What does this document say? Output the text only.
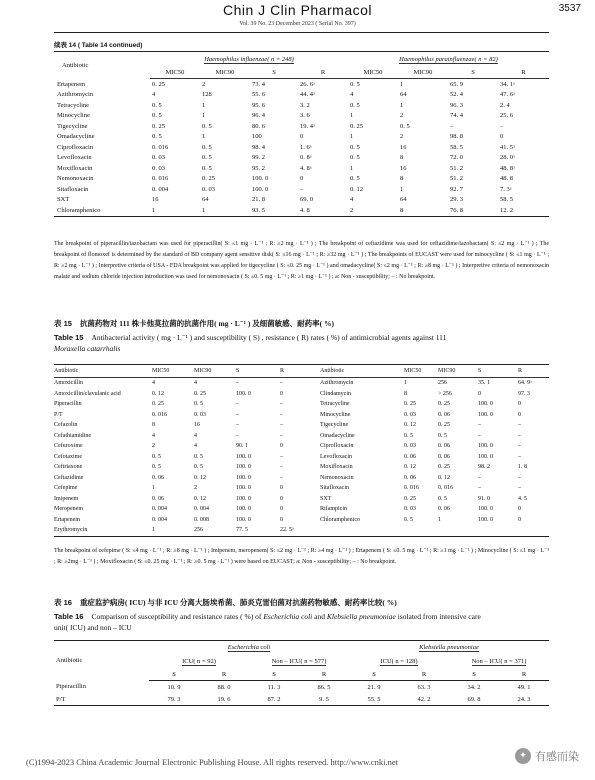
Chin J Clin Pharmacol	3537
Vol. 39 No. 23 December 2023 ( Serial No. 397)
续表 14 ( Table 14 continued)
Antibiotic	Haemophilus influenzae( n = 248)				Haemophilus parainfluenzae( n = 82)			
	MIC50	MIC90	S	R	MIC50	MIC90	S	R
Ertapenem	0. 25	2	73. 4	26. 6ᵃ	0. 5	1	65. 9	34. 1ᵃ
Azithromycin	4	128	55. 6	44. 4ᵃ	4	64	52. 4	47. 6ᵃ
Tetracycline	0. 5	1	95. 6	3. 2	0. 5	1	96. 3	2. 4
Minocycline	0. 5	1	96. 4	3. 6	1	2	74. 4	25. 6
Tigecycline	0. 25	0. 5	80. 6	19. 4ᵃ	0. 25	0. 5	–	–
Omadacycline	0. 5	1	100	0	1	2	98. 8	0
Ciprofloxacin	0. 016	0. 5	98. 4	1. 6ᵃ	0. 5	16	58. 5	41. 5ᵃ
Levofloxacin	0. 03	0. 5	99. 2	0. 8ᵃ	0. 5	8	72. 0	28. 0ᵃ
Moxifloxacin	0. 03	0. 5	95. 2	4. 8ᵃ	1	16	51. 2	48. 8ᵃ
Nemonoxacin	0. 016	0. 25	100. 0	0	0. 5	8	51. 2	48. 8
Sitafloxacin	0. 004	0. 03	100. 0	–	0. 12	1	92. 7	7. 3ᵃ
SXT	16	64	21. 8	69. 0	4	64	29. 3	58. 5
Chloramphenico	1	1	93. 5	4. 8	2	8	76. 8	12. 2
The breakpoint of piperacillin/tazobactam was used for piperacillin( S: ≤1 mg · L⁻¹ ; R: ≥2 mg · L⁻¹ ) ; The breakpoint of ceftazidime was used for ceftazidime/tazobactam( S: ≤2 mg · L⁻¹ ) ; The breakpoint of flomoxef is determined by the standard of BD company agent sensitive disk( S: ≤16 mg · L⁻¹ ; R: ≥32 mg · L⁻¹ ) ; The breakpoints of EUCAST were used for minocycline ( S: ≤1 mg · L⁻¹ ; R: ≥2 mg · L⁻¹ ) ; Interpretive criteria of USA - FDA breakpoint was applied for tigecycline ( S: ≤0. 25 mg · L⁻¹ ) and omadacycline( S: ≤2 mg · L⁻¹ ; R: ≥8 mg · L⁻¹ ) ; Interpretive criteria of nemonoxacin malate and sodium chloride injection introduction was used for nemonoxacin ( S: ≤0. 5 mg · L⁻¹ ; R: ≥1 mg · L⁻¹ ) ; a: Non - susceptibility; – : No breakpoint.
表 15 抗菌药物对 111 株卡他莫拉菌的抗菌作用( mg · L⁻¹ ) 及细菌敏感、耐药率( %)
Table 15 Antibacterial activity ( mg · L⁻¹ ) and susceptibility ( S) , resistance ( R) rates ( %) of antimicrobial agents against 111
Moraxella catarrhalis
Antibiotic	MIC50	MIC90	S	R	Antibiotic	MIC50	MIC90	S	R
Amoxicillin	4	4	–	–	Azithromycin	1	256	35. 1	64. 9ᵃ
Amoxicillin/clavulanic acid	0. 12	0. 25	100. 0	0	Clindamycin	8	> 256	0	97. 3
Piperacillin	0. 25	0. 5	–	–	Tetracycline	0. 25	0. 25	100. 0	0
P/T	0. 016	0. 03	–	–	Minocycline	0. 03	0. 06	100. 0	0
Cefazolin	8	16	–	–	Tigecycline	0. 12	0. 25	–	–
Cefathiamidine	4	4	–	–	Omadacycline	0. 5	0. 5	–	–
Cefuroxime	2	4	90. 1	0	Ciprofloxacin	0. 03	0. 06	100. 0	–
Cefotaxime	0. 5	0. 5	100. 0	–	Levofloxacin	0. 06	0. 06	100. 0	–
Ceftriaxone	0. 5	0. 5	100. 0	–	Moxifloxacin	0. 12	0. 25	98. 2	1. 8
Ceftazidime	0. 06	0. 12	100. 0	–	Nemonoxacin	0. 06	0. 12	–	–
Cefepime	1	2	100. 0	0	Sitafloxacin	0. 016	0. 016	–	–
Imipenem	0. 06	0. 12	100. 0	0	SXT	0. 25	0. 5	91. 0	4. 5
Meropenem	0. 004	0. 004	100. 0	0	Rifampicin	0. 03	0. 06	100. 0	0
Ertapenem	0. 004	0. 008	100. 0	0	Chloramphenico	0. 5	1	100. 0	0
Erythromycin	1	256	77. 5	22. 5ᵃ					
The breakpoint of cefepime ( S: ≤4 mg · L⁻¹ ; R: ≥8 mg · L⁻¹ ) ; Imipenem, meropenem( S: ≤2 mg · L⁻¹ ; R: ≥4 mg · L⁻¹ ) ; Ertapenem ( S: ≤0. 5 mg · L⁻¹ ; R: ≥1 mg · L⁻¹ ) ; Minocycline ( S: ≤1 mg · L⁻¹ ; R: ≥2mg · L⁻¹ ) ; Moxifloxacin ( S: ≤0. 25 mg · L⁻¹ ; R: ≥0. 5 mg · L⁻¹ ) were based on EUCAST; a: Non - susceptibility; – : No breakpoint.
表 16 重症监护病房( ICU) 与非 ICU 分离大肠埃希菌、肺炎克雷伯菌对抗菌药物敏感、耐药率比较( %)
Table 16 Comparison of susceptibility and resistance rates ( %) of Escherichia coli and Klebsiella pneumoniae isolated from intensive care
unit( ICU) and non – ICU
Antibiotic	Escherichia coli				Klebsiella pneumoniae			
	ICU( n = 92)		Non – ICU( n = 577)		ICU( n = 128)		Non – ICU( n = 371)	
	S	R	S	R	S	R	S	R
Piperacillin	10. 9	88. 0	11. 3	86. 5	21. 9	63. 3	34. 2	49. 1
P/T	79. 3	19. 6	87. 2	9. 5	55. 5	42. 2	69. 8	24. 3
(C)1994-2023 China Academic Journal Electronic Publishing House. All rights reserved. http://www.cnki.net
✦ 有感而染
